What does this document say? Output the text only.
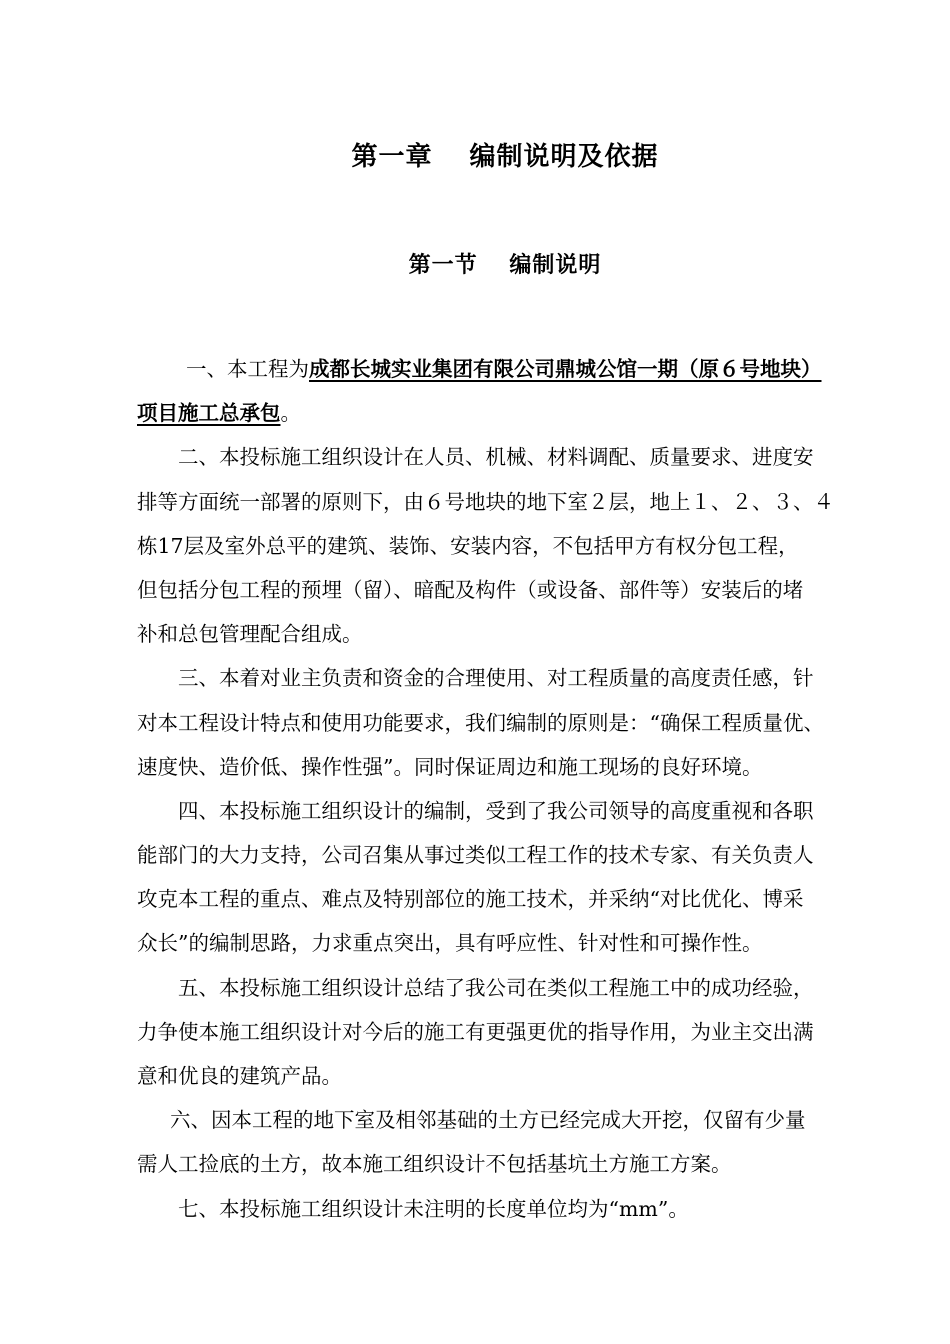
第一章　 编制说明及依据
第一节　 编制说明
一、本工程为成都长城实业集团有限公司鼎城公馆一期（原６号地块）
项目施工总承包。
二、本投标施工组织设计在人员、机械、材料调配、质量要求、进度安
排等方面统一部署的原则下，由６号地块的地下室２层，地上１、２、３、４
栋17层及室外总平的建筑、装饰、安装内容，不包括甲方有权分包工程，
但包括分包工程的预埋（留）、暗配及构件（或设备、部件等）安装后的堵
补和总包管理配合组成。
三、本着对业主负责和资金的合理使用、对工程质量的高度责任感，针
对本工程设计特点和使用功能要求，我们编制的原则是：“确保工程质量优、
速度快、造价低、操作性强”。同时保证周边和施工现场的良好环境。
四、本投标施工组织设计的编制，受到了我公司领导的高度重视和各职
能部门的大力支持，公司召集从事过类似工程工作的技术专家、有关负责人
攻克本工程的重点、难点及特别部位的施工技术，并采纳“对比优化、博采
众长”的编制思路，力求重点突出，具有呼应性、针对性和可操作性。
五、本投标施工组织设计总结了我公司在类似工程施工中的成功经验，
力争使本施工组织设计对今后的施工有更强更优的指导作用，为业主交出满
意和优良的建筑产品。
六、因本工程的地下室及相邻基础的土方已经完成大开挖，仅留有少量
需人工捡底的土方，故本施工组织设计不包括基坑土方施工方案。
七、本投标施工组织设计未注明的长度单位均为“mm”。
